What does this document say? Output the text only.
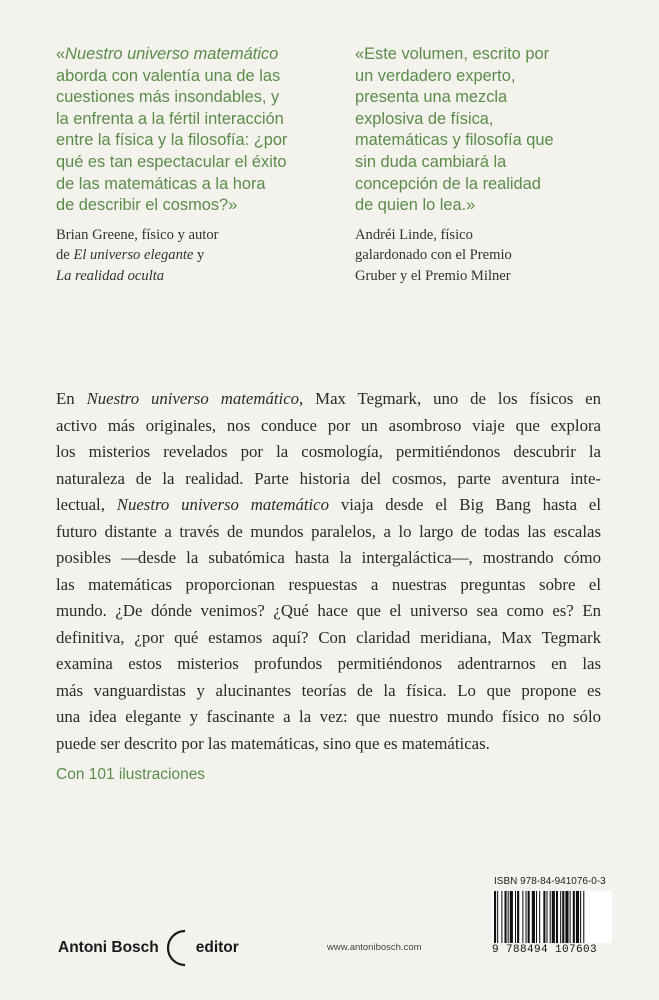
«Nuestro universo matemático
aborda con valentía una de las
cuestiones más insondables, y
la enfrenta a la fértil interacción
entre la física y la filosofía: ¿por
qué es tan espectacular el éxito
de las matemáticas a la hora
de describir el cosmos?»
Brian Greene, físico y autor
de El universo elegante y
La realidad oculta
«Este volumen, escrito por
un verdadero experto,
presenta una mezcla
explosiva de física,
matemáticas y filosofía que
sin duda cambiará la
concepción de la realidad
de quien lo lea.»
Andréi Linde, físico
galardonado con el Premio
Gruber y el Premio Milner
En Nuestro universo matemático, Max Tegmark, uno de los físicos en
activo más originales, nos conduce por un asombroso viaje que explora
los misterios revelados por la cosmología, permitiéndonos descubrir la
naturaleza de la realidad. Parte historia del cosmos, parte aventura inte-
lectual, Nuestro universo matemático viaja desde el Big Bang hasta el
futuro distante a través de mundos paralelos, a lo largo de todas las escalas
posibles —desde la subatómica hasta la intergaláctica—, mostrando cómo
las matemáticas proporcionan respuestas a nuestras preguntas sobre el
mundo. ¿De dónde venimos? ¿Qué hace que el universo sea como es? En
definitiva, ¿por qué estamos aquí? Con claridad meridiana, Max Tegmark
examina estos misterios profundos permitiéndonos adentrarnos en las
más vanguardistas y alucinantes teorías de la física. Lo que propone es
una idea elegante y fascinante a la vez: que nuestro mundo físico no sólo
puede ser descrito por las matemáticas, sino que es matemáticas.
Con 101 ilustraciones
Antoni Bosch editor	www.antonibosch.com
ISBN 978-84-941076-0-3
9 788494 107603
